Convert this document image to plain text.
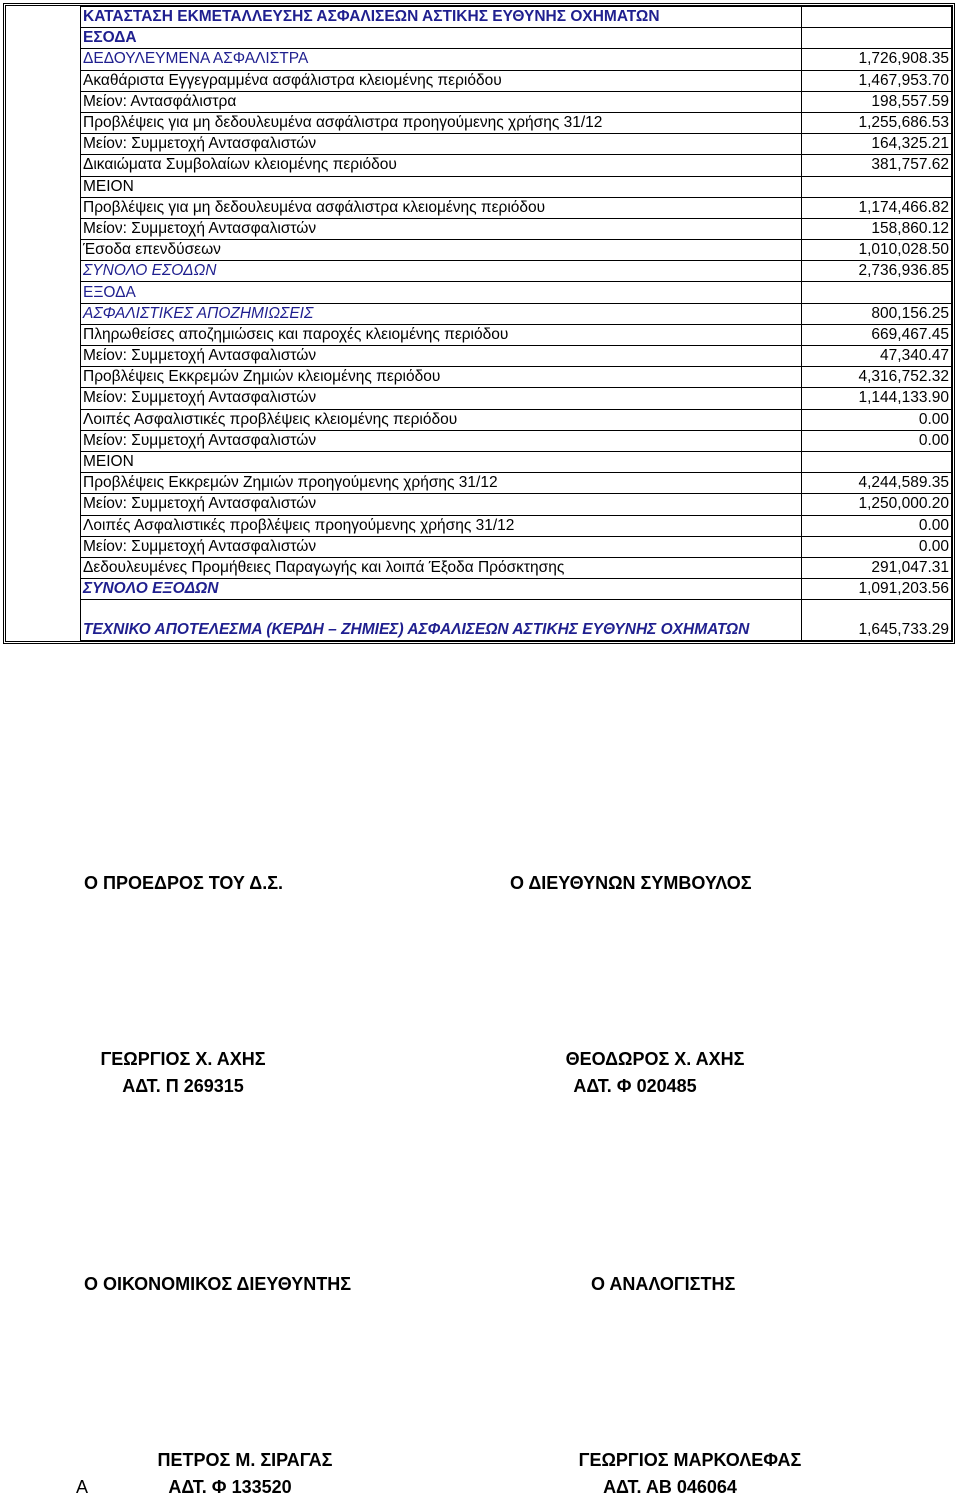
	ΚΑΤΑΣΤΑΣΗ ΕΚΜΕΤΑΛΛΕΥΣΗΣ ΑΣΦΑΛΙΣΕΩΝ ΑΣΤΙΚΗΣ ΕΥΘΥΝΗΣ ΟΧΗΜΑΤΩΝ	
	ΕΣΟΔΑ	
	ΔΕΔΟΥΛΕΥΜΕΝΑ ΑΣΦΑΛΙΣΤΡΑ	1,726,908.35
	Ακαθάριστα Εγγεγραμμένα ασφάλιστρα κλειομένης περιόδου	1,467,953.70
	Μείον: Αντασφάλιστρα	198,557.59
	Προβλέψεις για μη δεδουλευμένα ασφάλιστρα προηγούμενης χρήσης 31/12	1,255,686.53
	Μείον: Συμμετοχή Αντασφαλιστών	164,325.21
	Δικαιώματα Συμβολαίων κλειομένης περιόδου	381,757.62
	ΜΕΙΟΝ	
	Προβλέψεις για μη δεδουλευμένα ασφάλιστρα κλειομένης περιόδου	1,174,466.82
	Μείον: Συμμετοχή Αντασφαλιστών	158,860.12
	Έσοδα επενδύσεων	1,010,028.50
	ΣΥΝΟΛΟ ΕΣΟΔΩΝ	2,736,936.85
	ΕΞΟΔΑ	
	ΑΣΦΑΛΙΣΤΙΚΕΣ ΑΠΟΖΗΜΙΩΣΕΙΣ	800,156.25
	Πληρωθείσες αποζημιώσεις και παροχές κλειομένης περιόδου	669,467.45
	Μείον: Συμμετοχή Αντασφαλιστών	47,340.47
	Προβλέψεις Εκκρεμών Ζημιών κλειομένης περιόδου	4,316,752.32
	Μείον: Συμμετοχή Αντασφαλιστών	1,144,133.90
	Λοιπές Ασφαλιστικές προβλέψεις κλειομένης περιόδου	0.00
	Μείον: Συμμετοχή Αντασφαλιστών	0.00
	ΜΕΙΟΝ	
	Προβλέψεις Εκκρεμών Ζημιών προηγούμενης χρήσης 31/12	4,244,589.35
	Μείον: Συμμετοχή Αντασφαλιστών	1,250,000.20
	Λοιπές Ασφαλιστικές προβλέψεις προηγούμενης χρήσης 31/12	0.00
	Μείον: Συμμετοχή Αντασφαλιστών	0.00
	Δεδουλευμένες Προμήθειες Παραγωγής και λοιπά Έξοδα Πρόσκτησης	291,047.31
	ΣΥΝΟΛΟ ΕΞΟΔΩΝ	1,091,203.56
	ΤΕΧΝΙΚΟ ΑΠΟΤΕΛΕΣΜΑ (ΚΕΡΔΗ – ΖΗΜΙΕΣ) ΑΣΦΑΛΙΣΕΩΝ ΑΣΤΙΚΗΣ ΕΥΘΥΝΗΣ ΟΧΗΜΑΤΩΝ	1,645,733.29
Ο ΠΡΟΕΔΡΟΣ ΤΟΥ Δ.Σ.	Ο ΔΙΕΥΘΥΝΩΝ ΣΥΜΒΟΥΛΟΣ
ΓΕΩΡΓΙΟΣ Χ. ΑΧΗΣ
ΑΔΤ. Π 269315
ΘΕΟΔΩΡΟΣ Χ. ΑΧΗΣ
ΑΔΤ. Φ 020485
Ο ΟΙΚΟΝΟΜΙΚΟΣ ΔΙΕΥΘΥΝΤΗΣ	Ο ΑΝΑΛΟΓΙΣΤΗΣ
ΠΕΤΡΟΣ Μ. ΣΙΡΑΓΑΣ
ΑΔΤ. Φ 133520
ΓΕΩΡΓΙΟΣ ΜΑΡΚΟΛΕΦΑΣ
ΑΔΤ. ΑΒ 046064
Α
